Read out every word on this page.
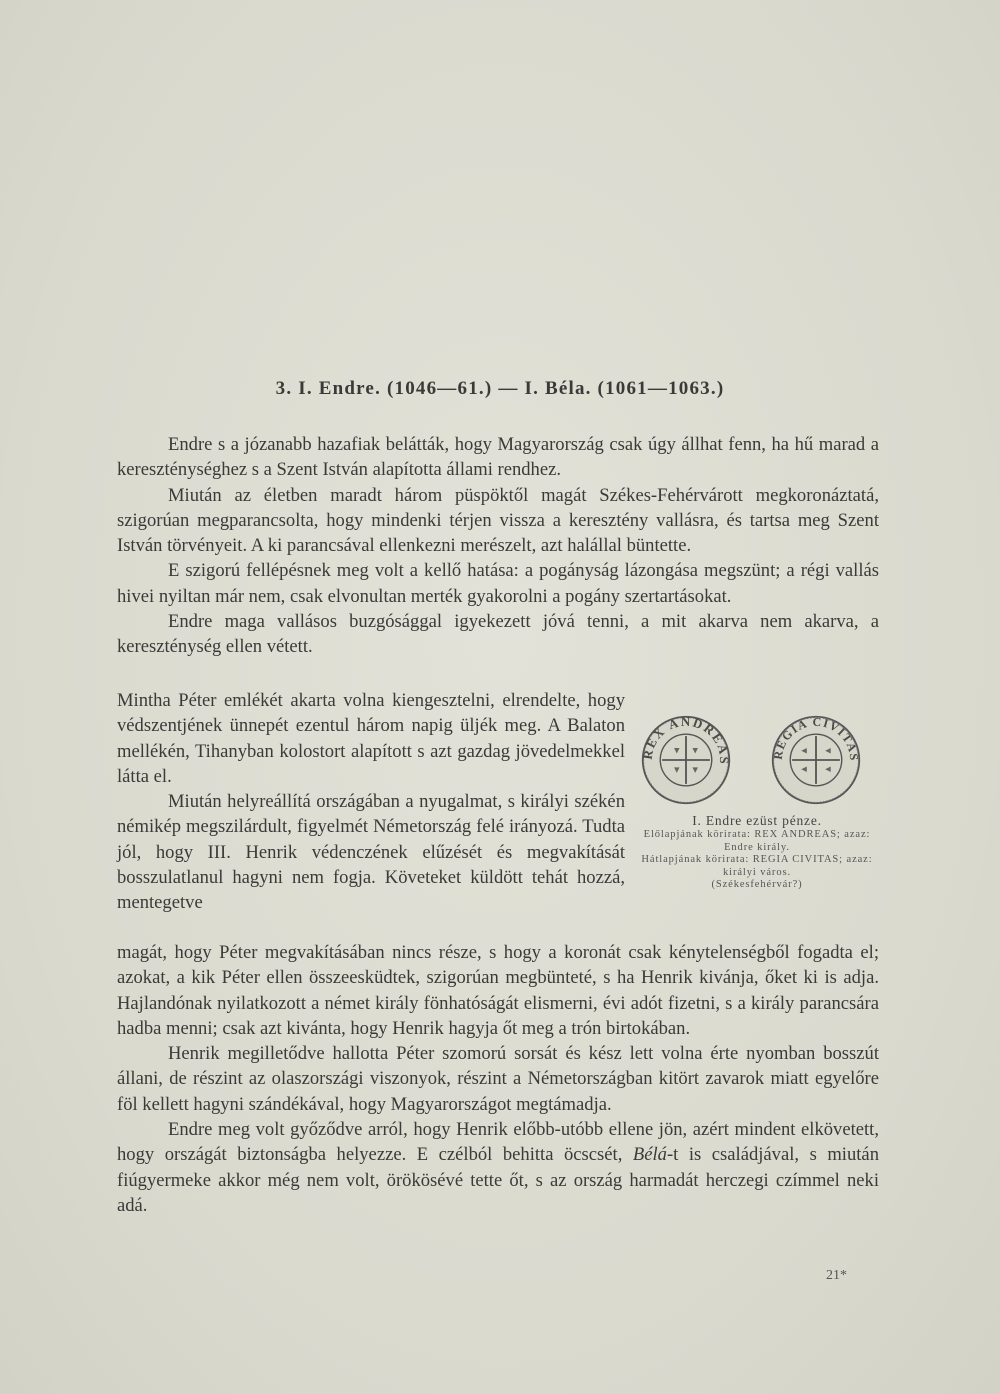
3. I. Endre. (1046—61.) — I. Béla. (1061—1063.)

Endre s a józanabb hazafiak belátták, hogy Magyarország csak úgy állhat fenn, ha hű marad a kereszténységhez s a Szent István alapította állami rendhez.

Miután az életben maradt három püspöktől magát Székes-Fehérvárott megkoronáztatá, szigorúan megparancsolta, hogy mindenki térjen vissza a keresztény vallásra, és tartsa meg Szent István törvényeit. A ki parancsával ellenkezni merészelt, azt halállal büntette.

E szigorú fellépésnek meg volt a kellő hatása: a pogányság lázongása megszünt; a régi vallás hivei nyiltan már nem, csak elvonultan merték gyakorolni a pogány szertartásokat.

Endre maga vallásos buzgósággal igyekezett jóvá tenni, a mit akarva nem akarva, a kereszténység ellen vétett.

Mintha Péter emlékét akarta volna kiengesztelni, elrendelte, hogy védszentjének ünnepét ezentul három napig üljék meg. A Balaton mellékén, Tihanyban kolostort alapított s azt gazdag jövedelmekkel látta el.

Miután helyreállítá országában a nyugalmat, s királyi székén némikép megszilárdult, figyelmét Németország felé irányozá. Tudta jól, hogy III. Henrik védenczének elűzését és megvakítását bosszulatlanul hagyni nem fogja. Követeket küldött tehát hozzá, mentegetve

REX ANDREAS
REGIA CIVITAS
I. Endre ezüst pénze.
Előlapjának körirata: REX ANDREAS; azaz: Endre király.
Hátlapjának körirata: REGIA CIVITAS; azaz: királyi város.
(Székesfehérvár?)

magát, hogy Péter megvakításában nincs része, s hogy a koronát csak kénytelenségből fogadta el; azokat, a kik Péter ellen összeesküdtek, szigorúan megbünteté, s ha Henrik kivánja, őket ki is adja. Hajlandónak nyilatkozott a német király fönhatóságát elismerni, évi adót fizetni, s a király parancsára hadba menni; csak azt kivánta, hogy Henrik hagyja őt meg a trón birtokában.

Henrik megilletődve hallotta Péter szomorú sorsát és kész lett volna érte nyomban bosszút állani, de részint az olaszországi viszonyok, részint a Németországban kitört zavarok miatt egyelőre föl kellett hagyni szándékával, hogy Magyarországot megtámadja.

Endre meg volt győződve arról, hogy Henrik előbb-utóbb ellene jön, azért mindent elkövetett, hogy országát biztonságba helyezze. E czélból behitta öcscsét, Bélá-t is családjával, s miután fiúgyermeke akkor még nem volt, örökösévé tette őt, s az ország harmadát herczegi czímmel neki adá.

21*
